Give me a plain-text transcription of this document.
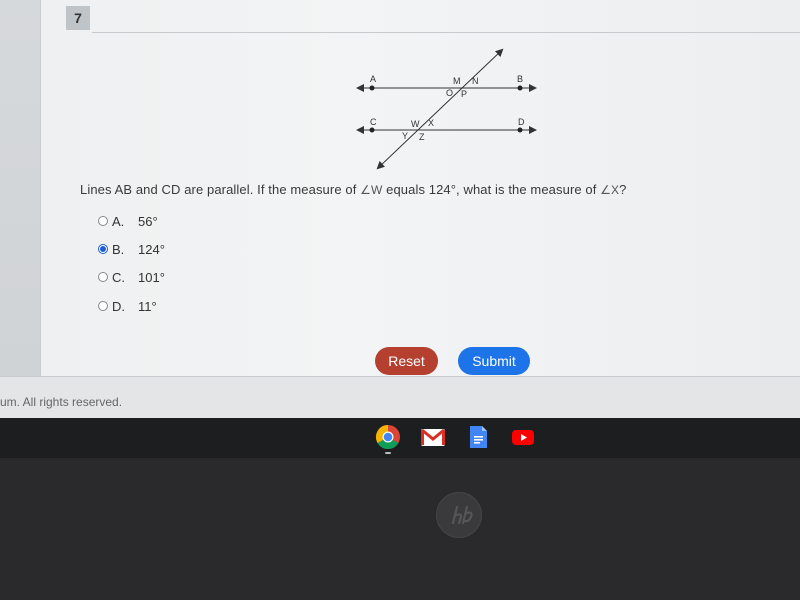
7
A	M N	B
O P
C	W X	D
Y Z
Lines AB and CD are parallel. If the measure of ∠W equals 124°, what is the measure of ∠X?
A.	56°
B.	124°
C.	101°
D.	11°
Reset	Submit
um. All rights reserved.
